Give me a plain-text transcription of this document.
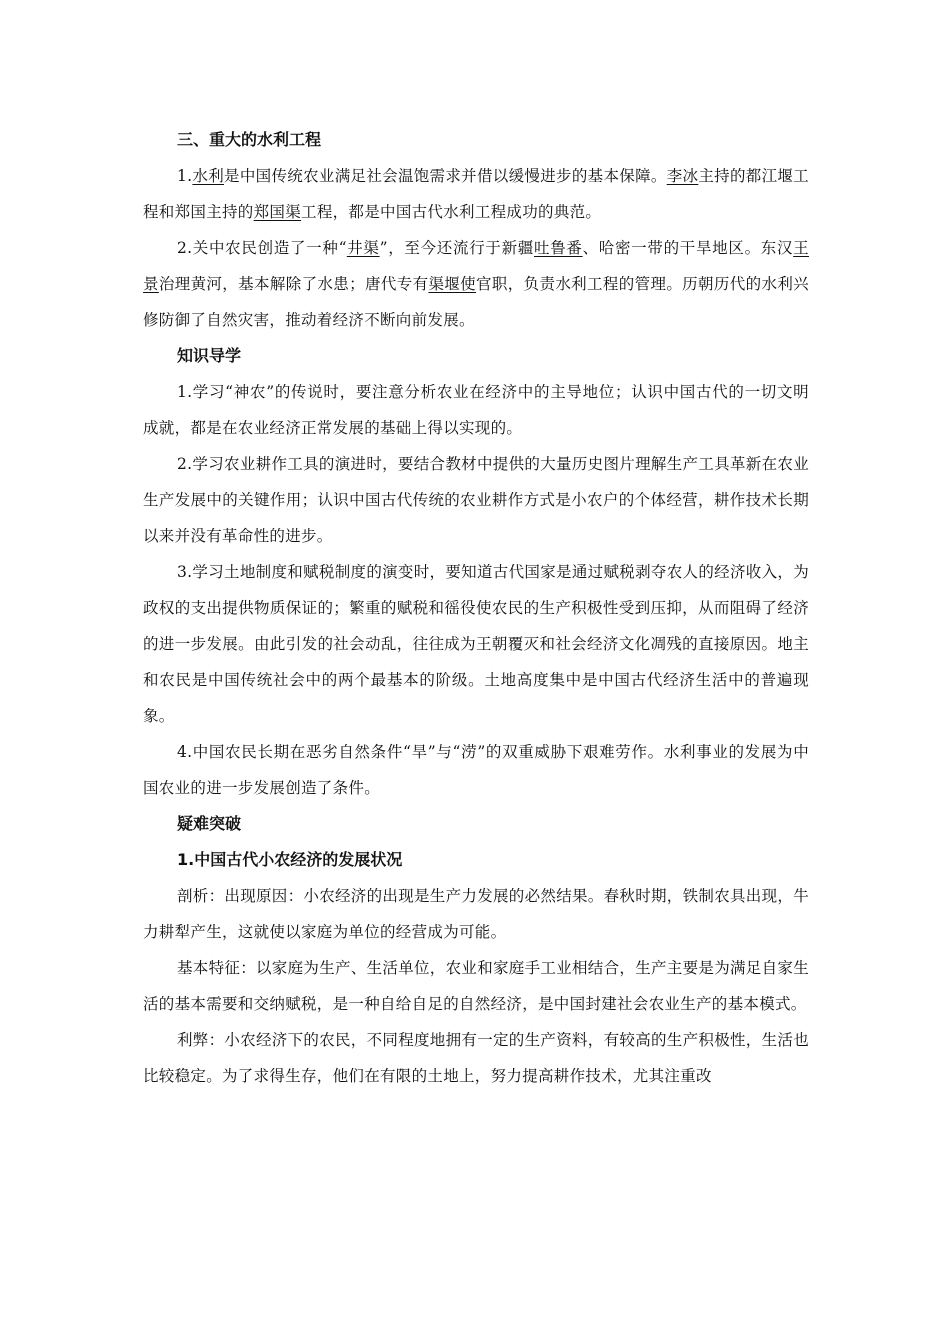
三、重大的水利工程
1.水利是中国传统农业满足社会温饱需求并借以缓慢进步的基本保障。李冰主持的都江堰工程和郑国主持的郑国渠工程，都是中国古代水利工程成功的典范。
2.关中农民创造了一种“井渠”，至今还流行于新疆吐鲁番、哈密一带的干旱地区。东汉王景治理黄河，基本解除了水患；唐代专有渠堰使官职，负责水利工程的管理。历朝历代的水利兴修防御了自然灾害，推动着经济不断向前发展。
知识导学
1.学习“神农”的传说时，要注意分析农业在经济中的主导地位；认识中国古代的一切文明成就，都是在农业经济正常发展的基础上得以实现的。
2.学习农业耕作工具的演进时，要结合教材中提供的大量历史图片理解生产工具革新在农业生产发展中的关键作用；认识中国古代传统的农业耕作方式是小农户的个体经营，耕作技术长期以来并没有革命性的进步。
3.学习土地制度和赋税制度的演变时，要知道古代国家是通过赋税剥夺农人的经济收入，为政权的支出提供物质保证的；繁重的赋税和徭役使农民的生产积极性受到压抑，从而阻碍了经济的进一步发展。由此引发的社会动乱，往往成为王朝覆灭和社会经济文化凋残的直接原因。地主和农民是中国传统社会中的两个最基本的阶级。土地高度集中是中国古代经济生活中的普遍现象。
4.中国农民长期在恶劣自然条件“旱”与“涝”的双重威胁下艰难劳作。水利事业的发展为中国农业的进一步发展创造了条件。
疑难突破
1.中国古代小农经济的发展状况
剖析：出现原因：小农经济的出现是生产力发展的必然结果。春秋时期，铁制农具出现，牛力耕犁产生，这就使以家庭为单位的经营成为可能。
基本特征：以家庭为生产、生活单位，农业和家庭手工业相结合，生产主要是为满足自家生活的基本需要和交纳赋税，是一种自给自足的自然经济，是中国封建社会农业生产的基本模式。
利弊：小农经济下的农民，不同程度地拥有一定的生产资料，有较高的生产积极性，生活也比较稳定。为了求得生存，他们在有限的土地上，努力提高耕作技术，尤其注重改
